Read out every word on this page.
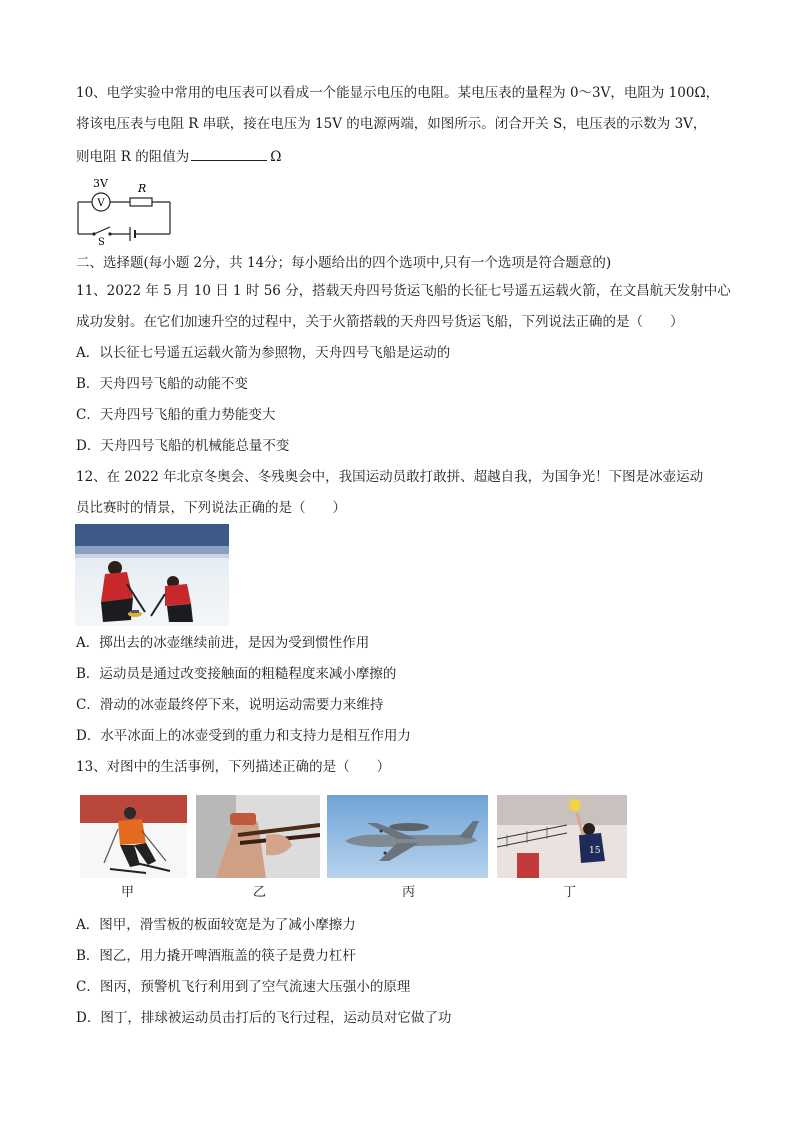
10、电学实验中常用的电压表可以看成一个能显示电压的电阻。某电压表的量程为 0～3V，电阻为 100Ω，
将该电压表与电阻 R 串联，接在电压为 15V 的电源两端，如图所示。闭合开关 S，电压表的示数为 3V，
则电阻 R 的阻值为	Ω
V
3V	R
S
二、选择题(每小题 2分，共 14分；每小题给出的四个选项中,只有一个选项是符合题意的)
11、2022 年 5 月 10 日 1 时 56 分，搭载天舟四号货运飞船的长征七号遥五运载火箭，在文昌航天发射中心
成功发射。在它们加速升空的过程中，关于火箭搭载的天舟四号货运飞船，下列说法正确的是（　　）
A．以长征七号遥五运载火箭为参照物，天舟四号飞船是运动的
B．天舟四号飞船的动能不变
C．天舟四号飞船的重力势能变大
D．天舟四号飞船的机械能总量不变
12、在 2022 年北京冬奥会、冬残奥会中，我国运动员敢打敢拼、超越自我，为国争光！下图是冰壶运动
员比赛时的情景，下列说法正确的是（　　）
A．掷出去的冰壶继续前进，是因为受到惯性作用
B．运动员是通过改变接触面的粗糙程度来减小摩擦的
C．滑动的冰壶最终停下来，说明运动需要力来维持
D．水平冰面上的冰壶受到的重力和支持力是相互作用力
13、对图中的生活事例，下列描述正确的是（　　）
15
甲	乙	丙	丁
A．图甲，滑雪板的板面较宽是为了减小摩擦力
B．图乙，用力撬开啤酒瓶盖的筷子是费力杠杆
C．图丙，预警机飞行利用到了空气流速大压强小的原理
D．图丁，排球被运动员击打后的飞行过程，运动员对它做了功
